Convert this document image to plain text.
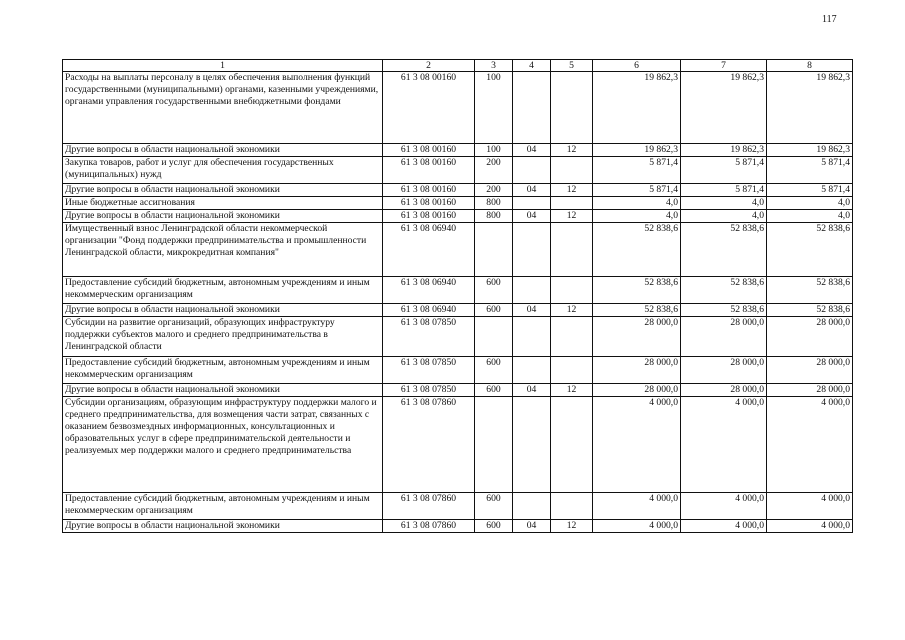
117
1	2	3	4	5	6	7	8
Расходы на выплаты персоналу в целях обеспечения выполнения функций государственными (муниципальными) органами, казенными учреждениями, органами управления государственными внебюджетными фондами	61 3 08 00160	100			19 862,3	19 862,3	19 862,3
Другие вопросы в области национальной экономики	61 3 08 00160	100	04	12	19 862,3	19 862,3	19 862,3
Закупка товаров, работ и услуг для обеспечения государственных (муниципальных) нужд	61 3 08 00160	200			5 871,4	5 871,4	5 871,4
Другие вопросы в области национальной экономики	61 3 08 00160	200	04	12	5 871,4	5 871,4	5 871,4
Иные бюджетные ассигнования	61 3 08 00160	800			4,0	4,0	4,0
Другие вопросы в области национальной экономики	61 3 08 00160	800	04	12	4,0	4,0	4,0
Имущественный взнос Ленинградской области некоммерческой организации "Фонд поддержки предпринимательства и промышленности Ленинградской области, микрокредитная компания"	61 3 08 06940				52 838,6	52 838,6	52 838,6
Предоставление субсидий бюджетным, автономным учреждениям и иным некоммерческим организациям	61 3 08 06940	600			52 838,6	52 838,6	52 838,6
Другие вопросы в области национальной экономики	61 3 08 06940	600	04	12	52 838,6	52 838,6	52 838,6
Субсидии на развитие организаций, образующих инфраструктуру поддержки субъектов малого и среднего предпринимательства в Ленинградской области	61 3 08 07850				28 000,0	28 000,0	28 000,0
Предоставление субсидий бюджетным, автономным учреждениям и иным некоммерческим организациям	61 3 08 07850	600			28 000,0	28 000,0	28 000,0
Другие вопросы в области национальной экономики	61 3 08 07850	600	04	12	28 000,0	28 000,0	28 000,0
Субсидии организациям, образующим инфраструктуру поддержки малого и среднего предпринимательства, для возмещения части затрат, связанных с оказанием безвозмездных информационных, консультационных и образовательных услуг в сфере предпринимательской деятельности и реализуемых мер поддержки малого и среднего предпринимательства	61 3 08 07860				4 000,0	4 000,0	4 000,0
Предоставление субсидий бюджетным, автономным учреждениям и иным некоммерческим организациям	61 3 08 07860	600			4 000,0	4 000,0	4 000,0
Другие вопросы в области национальной экономики	61 3 08 07860	600	04	12	4 000,0	4 000,0	4 000,0
